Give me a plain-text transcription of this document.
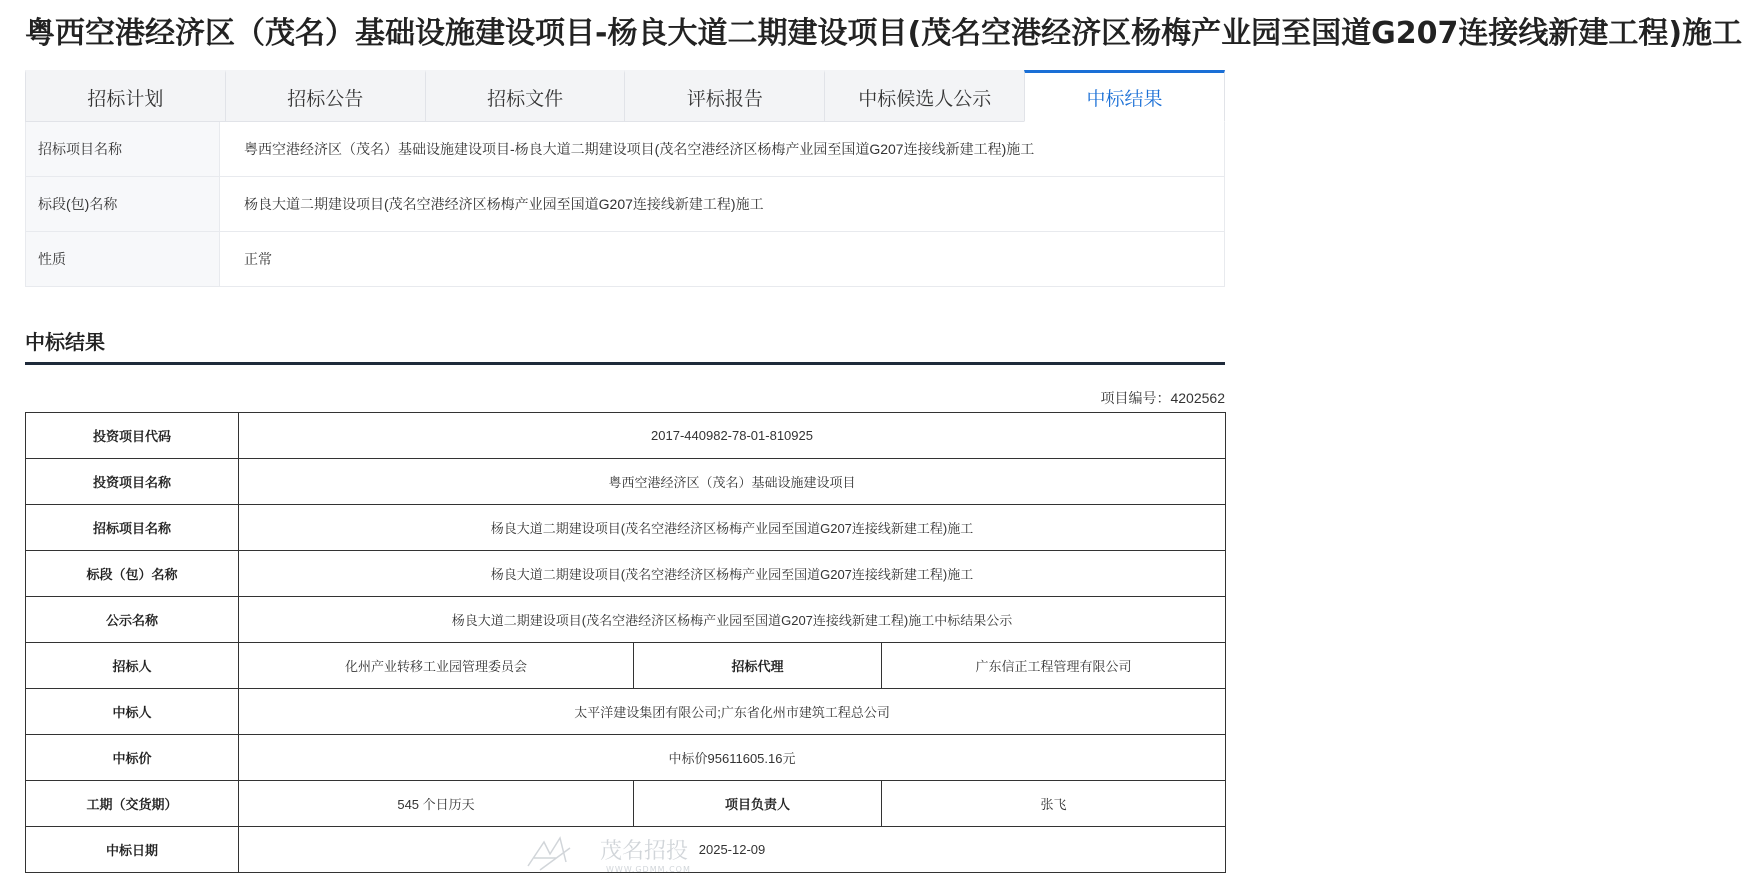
粤西空港经济区（茂名）基础设施建设项目-杨良大道二期建设项目(茂名空港经济区杨梅产业园至国道G207连接线新建工程)施工
招标计划	招标公告	招标文件	评标报告	中标候选人公示	中标结果
招标项目名称	粤西空港经济区（茂名）基础设施建设项目-杨良大道二期建设项目(茂名空港经济区杨梅产业园至国道G207连接线新建工程)施工
标段(包)名称	杨良大道二期建设项目(茂名空港经济区杨梅产业园至国道G207连接线新建工程)施工
性质	正常
中标结果
项目编号：4202562
投资项目代码	2017-440982-78-01-810925		
投资项目名称	粤西空港经济区（茂名）基础设施建设项目		
招标项目名称	杨良大道二期建设项目(茂名空港经济区杨梅产业园至国道G207连接线新建工程)施工		
标段（包）名称	杨良大道二期建设项目(茂名空港经济区杨梅产业园至国道G207连接线新建工程)施工		
公示名称	杨良大道二期建设项目(茂名空港经济区杨梅产业园至国道G207连接线新建工程)施工中标结果公示		
招标人	化州产业转移工业园管理委员会	招标代理	广东信正工程管理有限公司
中标人	太平洋建设集团有限公司;广东省化州市建筑工程总公司		
中标价	中标价95611605.16元		
工期（交货期）	545 个日历天	项目负责人	张飞
中标日期	2025-12-09		
茂名招投
WWW.GDMM.COM
